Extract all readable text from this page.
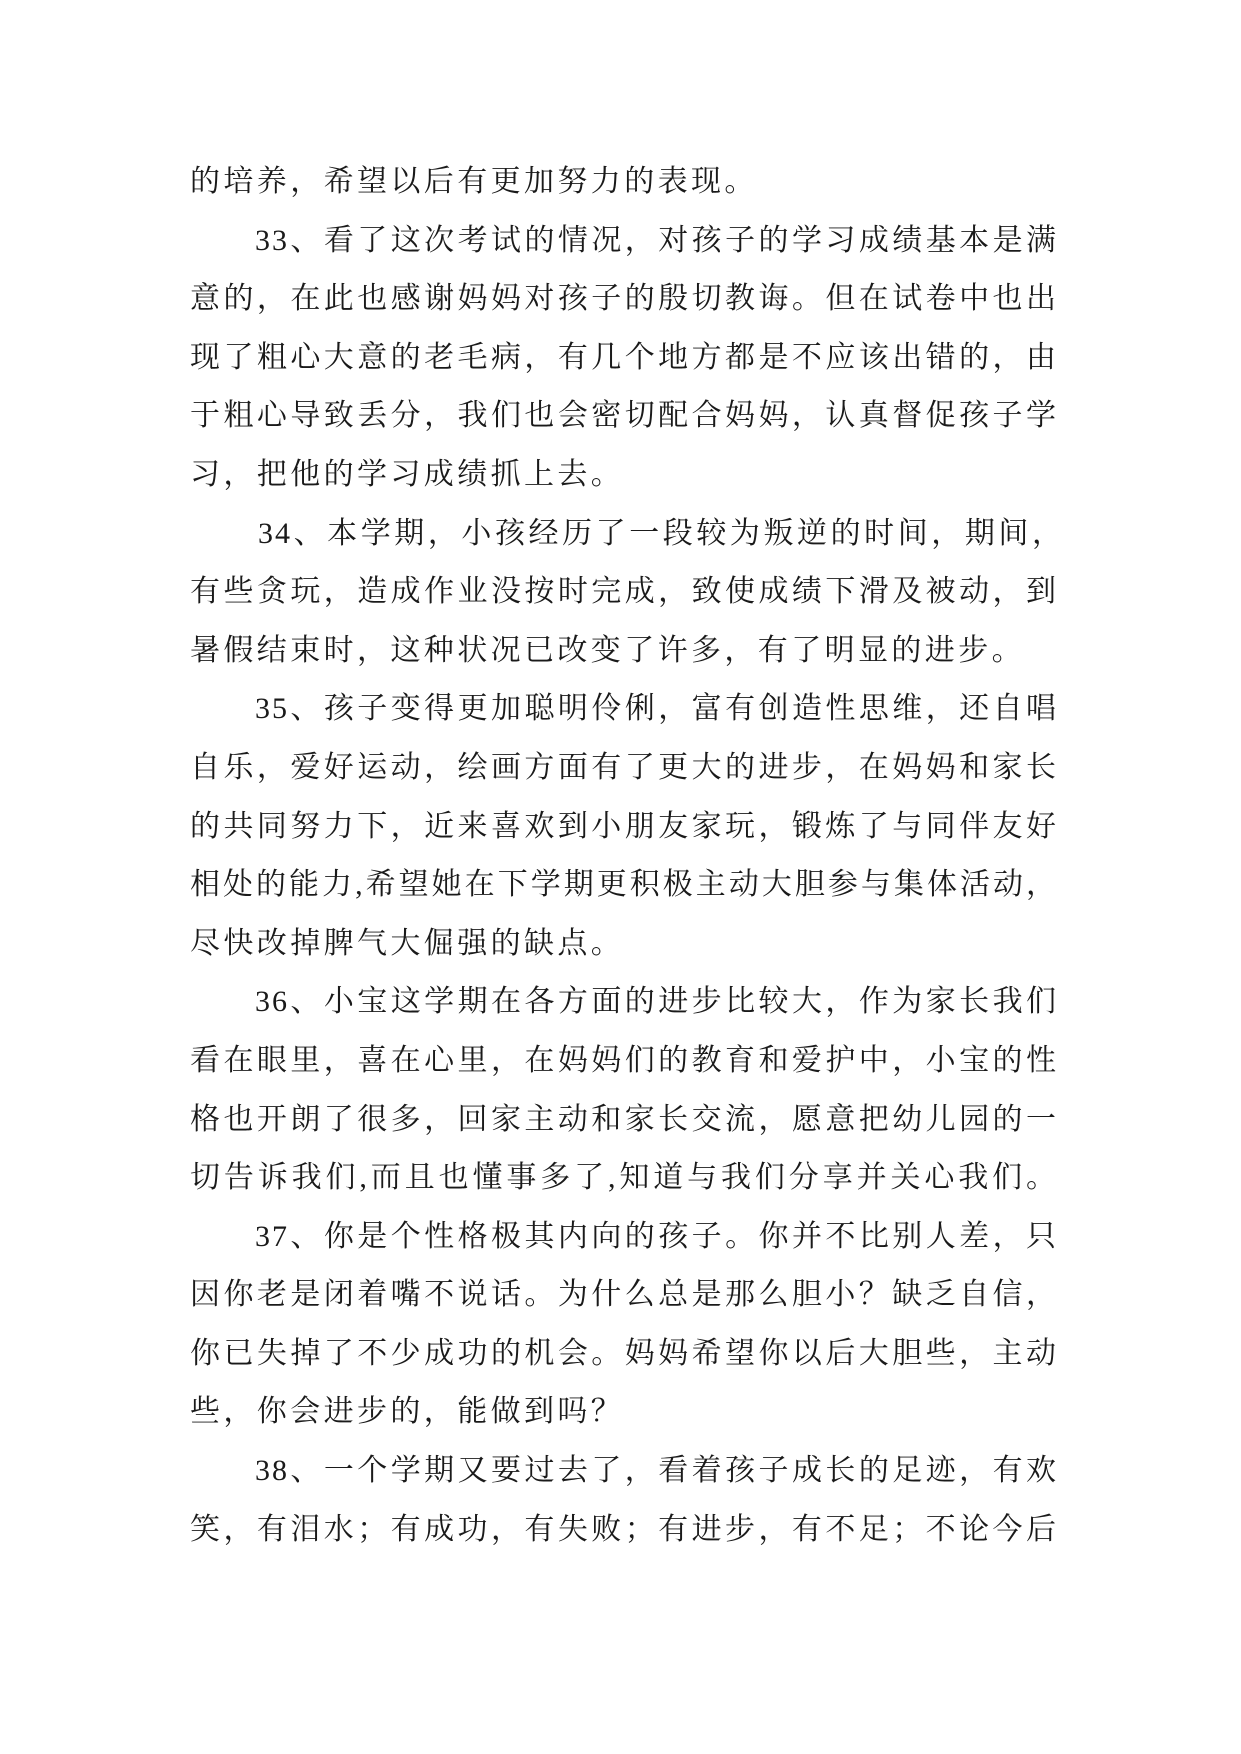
的培养，希望以后有更加努力的表现。
33、看了这次考试的情况，对孩子的学习成绩基本是满
意的，在此也感谢妈妈对孩子的殷切教诲。但在试卷中也出
现了粗心大意的老毛病，有几个地方都是不应该出错的，由
于粗心导致丢分，我们也会密切配合妈妈，认真督促孩子学
习，把他的学习成绩抓上去。
34、本学期，小孩经历了一段较为叛逆的时间，期间，
有些贪玩，造成作业没按时完成，致使成绩下滑及被动，到
暑假结束时，这种状况已改变了许多，有了明显的进步。
35、孩子变得更加聪明伶俐，富有创造性思维，还自唱
自乐，爱好运动，绘画方面有了更大的进步，在妈妈和家长
的共同努力下，近来喜欢到小朋友家玩，锻炼了与同伴友好
相处的能力,希望她在下学期更积极主动大胆参与集体活动，
尽快改掉脾气大倔强的缺点。
36、小宝这学期在各方面的进步比较大，作为家长我们
看在眼里，喜在心里，在妈妈们的教育和爱护中，小宝的性
格也开朗了很多，回家主动和家长交流，愿意把幼儿园的一
切告诉我们,而且也懂事多了,知道与我们分享并关心我们。
37、你是个性格极其内向的孩子。你并不比别人差，只
因你老是闭着嘴不说话。为什么总是那么胆小？缺乏自信，
你已失掉了不少成功的机会。妈妈希望你以后大胆些，主动
些，你会进步的，能做到吗？
38、一个学期又要过去了，看着孩子成长的足迹，有欢
笑，有泪水；有成功，有失败；有进步，有不足；不论今后
